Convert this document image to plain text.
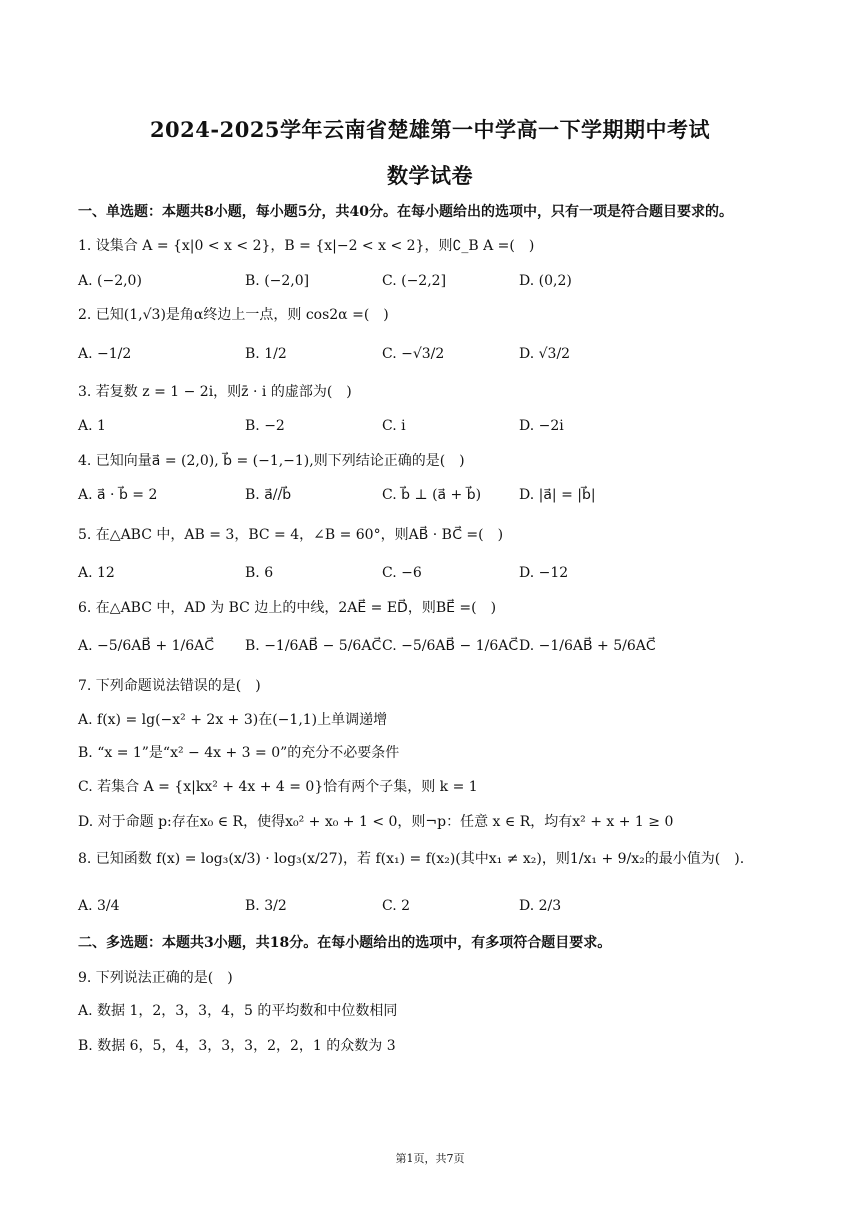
2024-2025学年云南省楚雄第一中学高一下学期期中考试
数学试卷
一、单选题：本题共8小题，每小题5分，共40分。在每小题给出的选项中，只有一项是符合题目要求的。
1. 设集合 A = {x|0 < x < 2}，B = {x|−2 < x < 2}，则∁_B A =(　)
A. (−2,0)	B. (−2,0]	C. (−2,2]	D. (0,2)
2. 已知(1,√3)是角α终边上一点，则 cos2α =(　)
A. −1/2	B. 1/2	C. −√3/2	D. √3/2
3. 若复数 z = 1 − 2i，则z̄ · i 的虚部为(　)
A. 1	B. −2	C. i	D. −2i
4. 已知向量a⃗ = (2,0), b⃗ = (−1,−1),则下列结论正确的是(　)
A. a⃗ · b⃗ = 2	B. a⃗//b⃗	C. b⃗ ⊥ (a⃗ + b⃗)	D. |a⃗| = |b⃗|
5. 在△ABC 中，AB = 3，BC = 4，∠B = 60°，则AB⃗ · BC⃗ =(　)
A. 12	B. 6	C. −6	D. −12
6. 在△ABC 中，AD 为 BC 边上的中线，2AE⃗ = ED⃗，则BE⃗ =(　)
A. −5/6AB⃗ + 1/6AC⃗ B. −1/6AB⃗ − 5/6AC⃗ C. −5/6AB⃗ − 1/6AC⃗ D. −1/6AB⃗ + 5/6AC⃗
7. 下列命题说法错误的是(　)
A. f(x) = lg(−x² + 2x + 3)在(−1,1)上单调递增
B. “x = 1”是“x² − 4x + 3 = 0”的充分不必要条件
C. 若集合 A = {x|kx² + 4x + 4 = 0}恰有两个子集，则 k = 1
D. 对于命题 p:存在x₀ ∈ R，使得x₀² + x₀ + 1 < 0，则¬p：任意 x ∈ R，均有x² + x + 1 ≥ 0
8. 已知函数 f(x) = log₃(x/3) · log₃(x/27)，若 f(x₁) = f(x₂)(其中x₁ ≠ x₂)，则1/x₁ + 9/x₂的最小值为(　).
A. 3/4	B. 3/2	C. 2	D. 2/3
二、多选题：本题共3小题，共18分。在每小题给出的选项中，有多项符合题目要求。
9. 下列说法正确的是(　)
A. 数据 1，2，3，3，4，5 的平均数和中位数相同
B. 数据 6，5，4，3，3，3，2，2，1 的众数为 3
第1页，共7页
